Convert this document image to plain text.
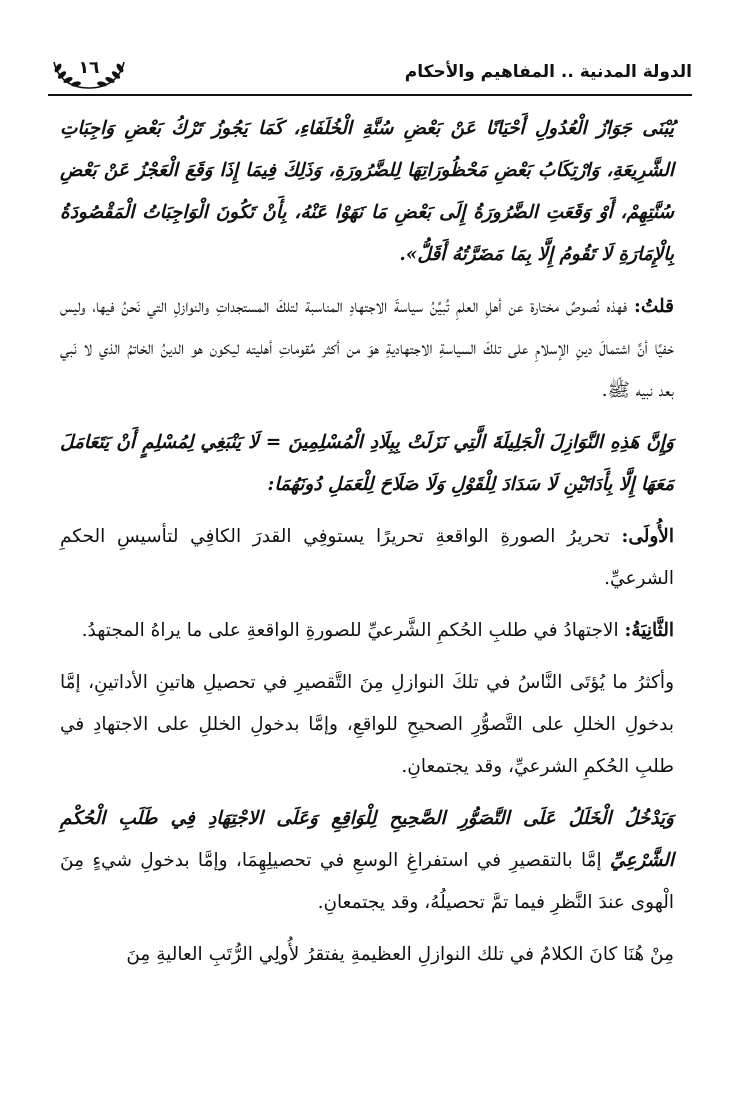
١٦	الدولة المدنية .. المفاهيم والأحكام

يُبْنَى جَوَازُ الْعُدُولِ أَحْيَانًا عَنْ بَعْضِ سُنَّةِ الْخُلَفَاءِ، كَمَا يَجُوزُ تَرْكُ بَعْضِ وَاجِبَاتِ الشَّرِيعَةِ، وَارْتِكَابُ بَعْضِ مَحْظُورَاتِهَا لِلضَّرُورَةِ، وَذَلِكَ فِيمَا إِذَا وَقَعَ الْعَجْزُ عَنْ بَعْضِ سُنَّتِهِمْ، أَوْ وَقَعَتِ الضَّرُورَةُ إِلَى بَعْضِ مَا نَهَوْا عَنْهُ، بِأَنْ تَكُونَ الْوَاجِبَاتُ الْمَقْصُودَةُ بِالْإِمَارَةِ لَا تَقُومُ إِلَّا بِمَا مَضَرَّتُهُ أَقَلُّ».

قلتُ: فهذه نُصوصٌ مختارة عن أهلِ العلمِ تُبيِّنُ سياسةَ الاجتهادِ المناسبة لتلكَ المستجداتِ والنوازلِ التي نَحنُ فيها، وليس خفيًا أنَّ اشتمالَ دينِ الإسلامِ على تلكَ السياسةِ الاجتهاديةِ هوَ من أكثر مُقوماتِ أهليته ليكون هو الدينُ الخاتمُ الذي لا نَبي بعد نبيه ﷺ.

وَإِنَّ هَذِهِ النَّوَازِلَ الْجَلِيلَةَ الَّتِي نَزَلَتْ بِبِلَادِ الْمُسْلِمِينَ = لَا يَنْبَغِي لِمُسْلِمٍ أَنْ يَتَعَامَلَ مَعَهَا إِلَّا بِأَدَاتَيْنِ لَا سَدَادَ لِلْقَوْلِ وَلَا صَلَاحَ لِلْعَمَلِ دُونَهُمَا:

الأُولَى: تحريرُ الصورةِ الواقعةِ تحريرًا يستوفِي القدرَ الكافِي لتأسيسِ الحكمِ الشرعيِّ.

الثَّانِيَةُ: الاجتهادُ في طلبِ الحُكمِ الشَّرعيِّ للصورةِ الواقعةِ على ما يراهُ المجتهدُ.

وأكثرُ ما يُؤتَى النَّاسُ في تلكَ النوازلِ مِنَ التَّقصيرِ في تحصيلِ هاتينِ الأداتينِ، إمَّا بدخولِ الخللِ على التَّصوُّرِ الصحيحِ للواقعِ، وإمَّا بدخولِ الخللِ على الاجتهادِ في طلبِ الحُكمِ الشرعيِّ، وقد يجتمعانِ.

وَيَدْخُلُ الْخَلَلُ عَلَى التَّصَوُّرِ الصَّحِيحِ لِلْوَاقِعِ وَعَلَى الاجْتِهَادِ فِي طَلَبِ الْحُكْمِ الشَّرْعِيِّ إمَّا بالتقصيرِ في استفراغِ الوسعِ في تحصيلِهِمَا، وإمَّا بدخولِ شيءٍ مِنَ الْهوى عندَ النَّظرِ فيما تمَّ تحصيلُهُ، وقد يجتمعانِ.

مِنْ هُنَا كانَ الكلامُ في تلك النوازلِ العظيمةِ يفتقرُ لأُولِي الرُّتَبِ العاليةِ مِنَ
